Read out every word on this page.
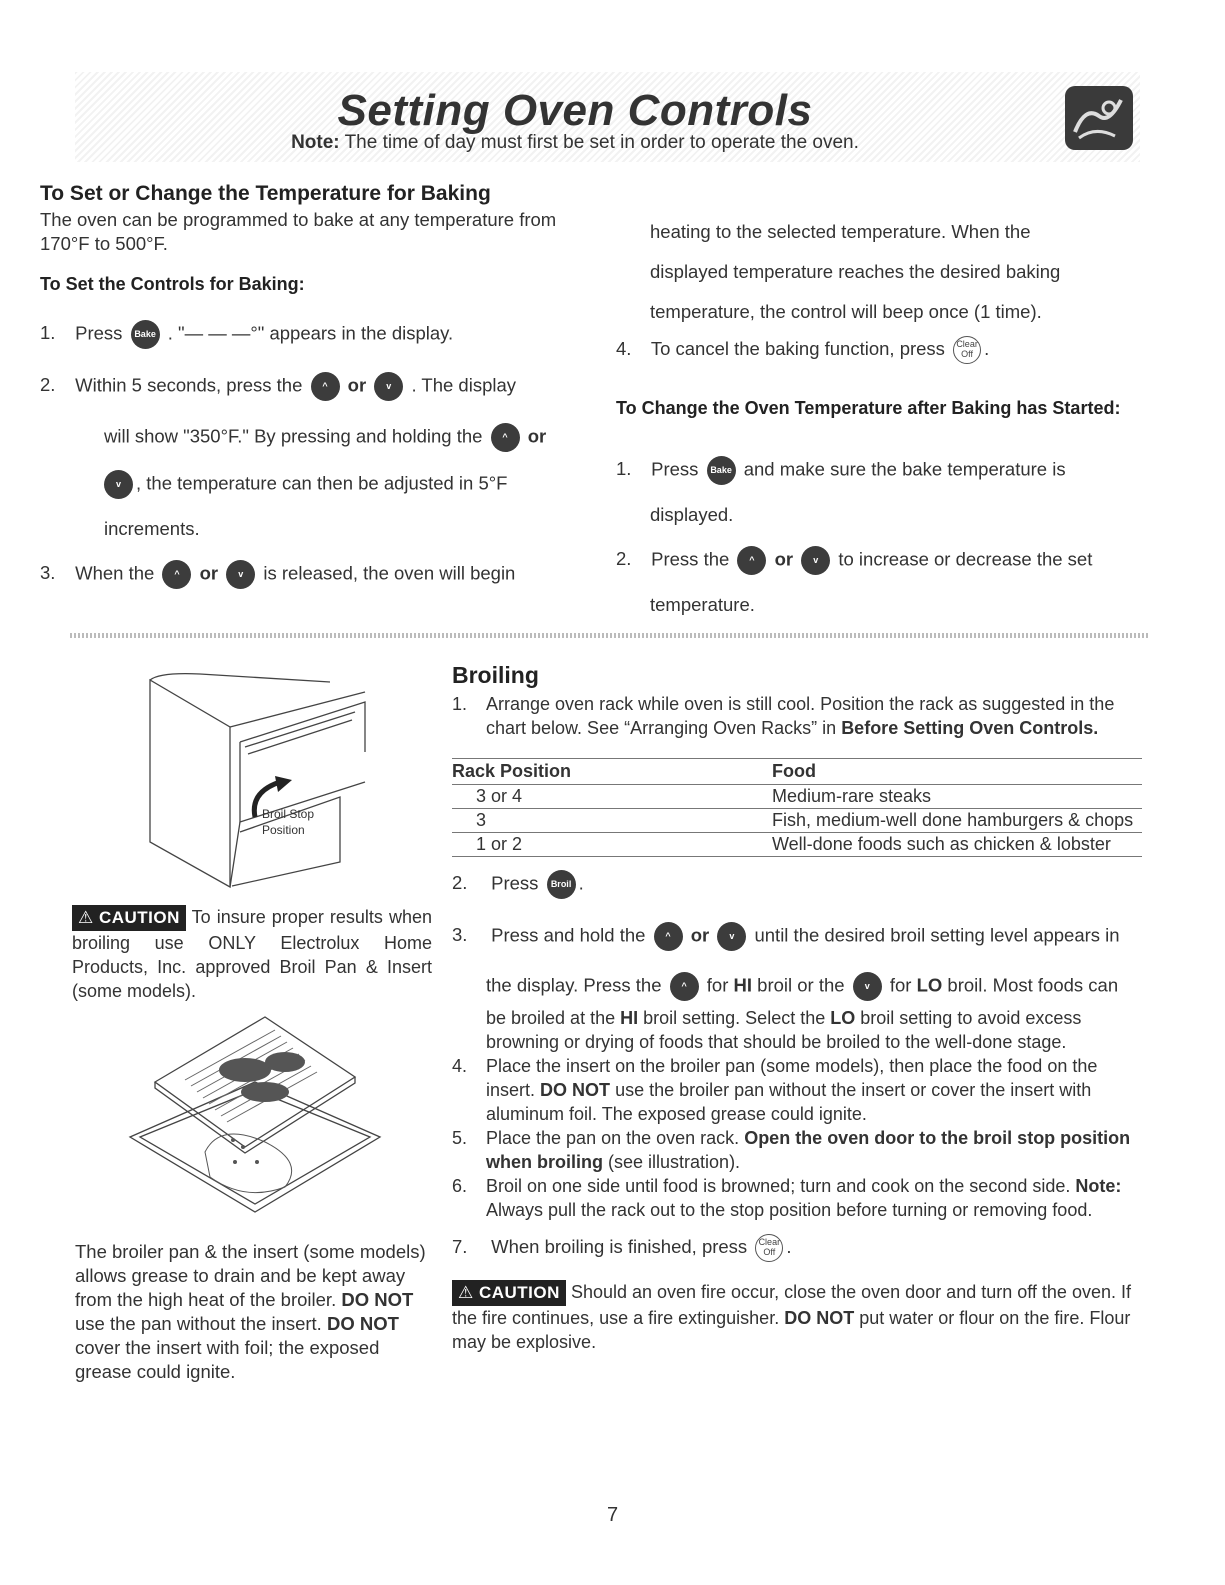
Setting Oven Controls
Note: The time of day must first be set in order to operate the oven.
To Set or Change the Temperature for Baking

The oven can be programmed to bake at any temperature from 170°F to 500°F.

To Set the Controls for Baking:
1. Press Bake . "— — —°" appears in the display.
2. Within 5 seconds, press the ^ or v . The display
will show "350°F." By pressing and holding the ^ or
v , the temperature can then be adjusted in 5°F
increments.
3. When the ^ or v is released, the oven will begin
heating to the selected temperature. When the
displayed temperature reaches the desired baking
temperature, the control will beep once (1 time).
4. To cancel the baking function, press Clear
Off .
To Change the Oven Temperature after Baking has Started:
1. Press Bake and make sure the bake temperature is
displayed.
2. Press the ^ or v to increase or decrease the set
temperature.
Broil Stop
Position
⚠ CAUTION To insure proper results when broiling use ONLY Electrolux Home Products, Inc. approved Broil Pan & Insert (some models).
The broiler pan & the insert (some models) allows grease to drain and be kept away from the high heat of the broiler. DO NOT use the pan without the insert. DO NOT cover the insert with foil; the exposed grease could ignite.
Broiling
1.	Arrange oven rack while oven is still cool. Position the rack as suggested in the chart below. See “Arranging Oven Racks” in Before Setting Oven Controls.
Rack Position	Food
3 or 4	Medium-rare steaks
3	Fish, medium-well done hamburgers & chops
1 or 2	Well-done foods such as chicken & lobster
2. Press Broil .
3. Press and hold the ^ or v until the desired broil setting level appears in
the display. Press the ^ for HI broil or the v for LO broil. Most foods can
be broiled at the HI broil setting. Select the LO broil setting to avoid excess browning or drying of foods that should be broiled to the well-done stage.
4.	Place the insert on the broiler pan (some models), then place the food on the insert. DO NOT use the broiler pan without the insert or cover the insert with aluminum foil. The exposed grease could ignite.
5.	Place the pan on the oven rack. Open the oven door to the broil stop position when broiling (see illustration).
6.	Broil on one side until food is browned; turn and cook on the second side. Note: Always pull the rack out to the stop position before turning or removing food.
7. When broiling is finished, press Clear
Off .
⚠ CAUTION Should an oven fire occur, close the oven door and turn off the oven. If the fire continues, use a fire extinguisher. DO NOT put water or flour on the fire. Flour may be explosive.
7
